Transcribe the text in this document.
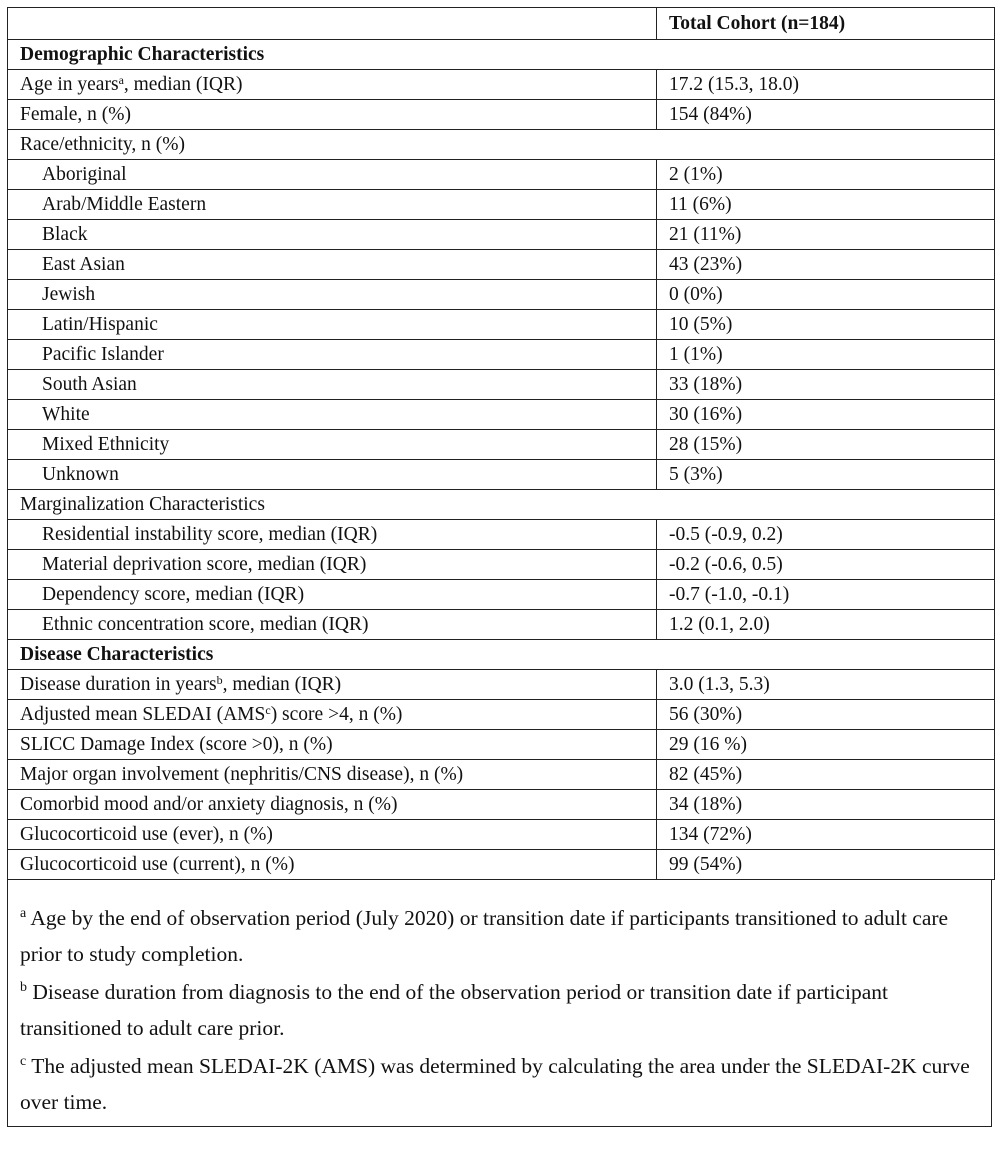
	Total Cohort (n=184)
Demographic Characteristics	
Age in years$^a$, median (IQR)	17.2 (15.3, 18.0)
Female, n (%)	154 (84%)
Race/ethnicity, n (%)	
Aboriginal	2 (1%)
Arab/Middle Eastern	11 (6%)
Black	21 (11%)
East Asian	43 (23%)
Jewish	0 (0%)
Latin/Hispanic	10 (5%)
Pacific Islander	1 (1%)
South Asian	33 (18%)
White	30 (16%)
Mixed Ethnicity	28 (15%)
Unknown	5 (3%)
Marginalization Characteristics	
Residential instability score, median (IQR)	-0.5 (-0.9, 0.2)
Material deprivation score, median (IQR)	-0.2 (-0.6, 0.5)
Dependency score, median (IQR)	-0.7 (-1.0, -0.1)
Ethnic concentration score, median (IQR)	1.2 (0.1, 2.0)
Disease Characteristics	
Disease duration in years$^b$, median (IQR)	3.0 (1.3, 5.3)
Adjusted mean SLEDAI (AMS$^c$) score >4, n (%)	56 (30%)
SLICC Damage Index (score >0), n (%)	29 (16 %)
Major organ involvement (nephritis/CNS disease), n (%)	82 (45%)
Comorbid mood and/or anxiety diagnosis, n (%)	34 (18%)
Glucocorticoid use (ever), n (%)	134 (72%)
Glucocorticoid use (current), n (%)	99 (54%)

$^a$ Age by the end of observation period (July 2020) or transition date if participants transitioned to adult care prior to study completion.

$^b$ Disease duration from diagnosis to the end of the observation period or transition date if participant transitioned to adult care prior.

$^c$ The adjusted mean SLEDAI-2K (AMS) was determined by calculating the area under the SLEDAI-2K curve over time.
